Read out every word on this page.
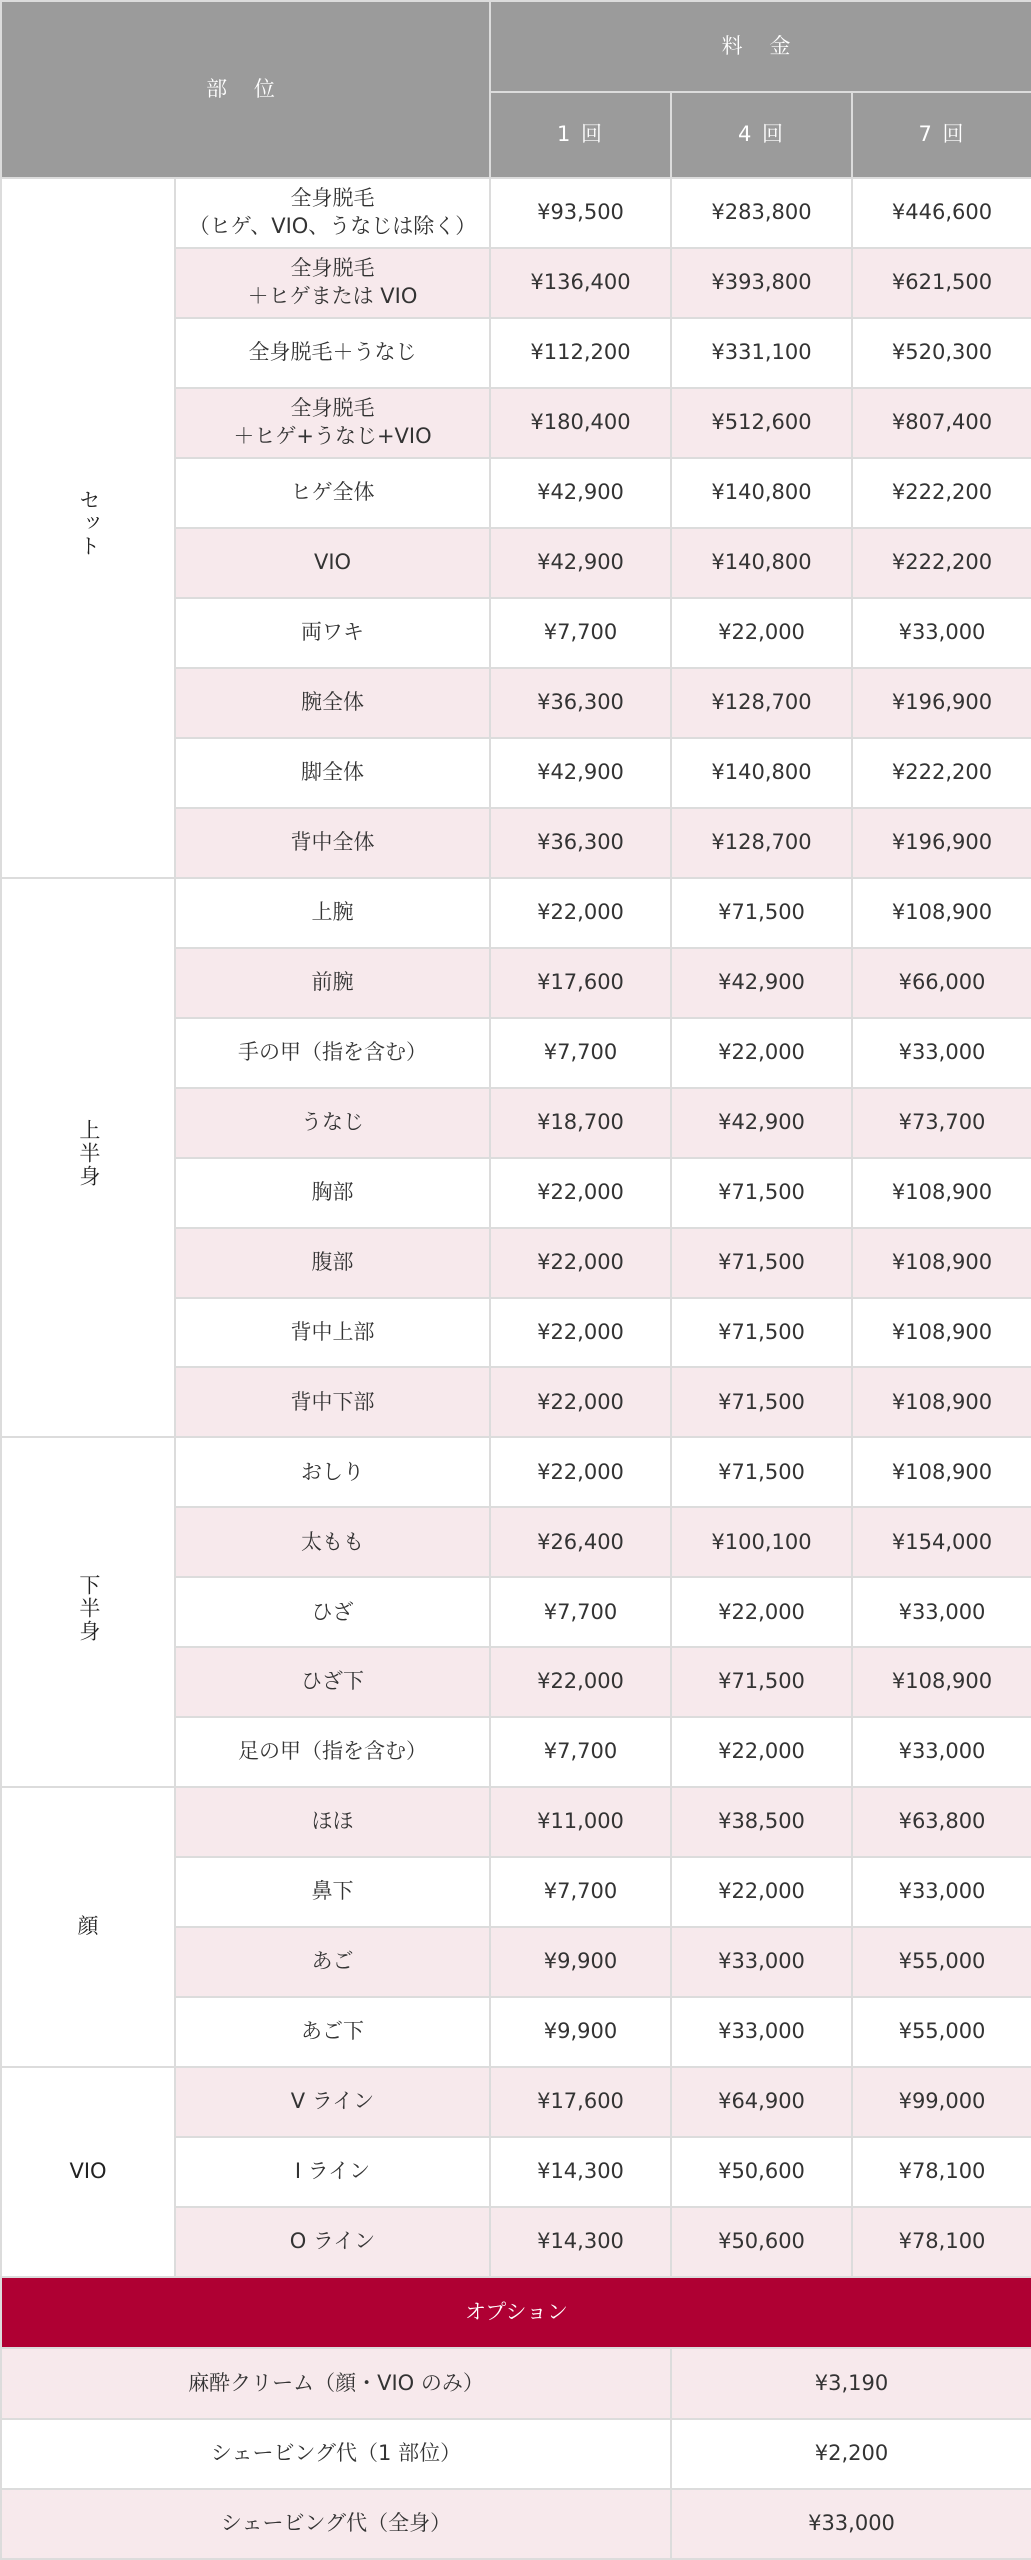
部 位		料 金		
		1 回	4 回	7 回
セット	全身脱毛
（ヒゲ、VIO、うなじは除く）	¥93,500	¥283,800	¥446,600

	全身脱毛
＋ヒゲまたは VIO	¥136,400	¥393,800	¥621,500

	全身脱毛＋うなじ	¥112,200	¥331,100	¥520,300

	全身脱毛
＋ヒゲ+うなじ+VIO	¥180,400	¥512,600	¥807,400

	ヒゲ全体	¥42,900	¥140,800	¥222,200

	VIO	¥42,900	¥140,800	¥222,200

	両ワキ	¥7,700	¥22,000	¥33,000

	腕全体	¥36,300	¥128,700	¥196,900

	脚全体	¥42,900	¥140,800	¥222,200

	背中全体	¥36,300	¥128,700	¥196,900
上半身	上腕	¥22,000	¥71,500	¥108,900

	前腕	¥17,600	¥42,900	¥66,000

	手の甲（指を含む）	¥7,700	¥22,000	¥33,000

	うなじ	¥18,700	¥42,900	¥73,700

	胸部	¥22,000	¥71,500	¥108,900

	腹部	¥22,000	¥71,500	¥108,900

	背中上部	¥22,000	¥71,500	¥108,900

	背中下部	¥22,000	¥71,500	¥108,900
下半身	おしり	¥22,000	¥71,500	¥108,900

	太もも	¥26,400	¥100,100	¥154,000

	ひざ	¥7,700	¥22,000	¥33,000

	ひざ下	¥22,000	¥71,500	¥108,900

	足の甲（指を含む）	¥7,700	¥22,000	¥33,000
顔	ほほ	¥11,000	¥38,500	¥63,800

	鼻下	¥7,700	¥22,000	¥33,000

	あご	¥9,900	¥33,000	¥55,000

	あご下	¥9,900	¥33,000	¥55,000
VIO	V ライン	¥17,600	¥64,900	¥99,000

	I ライン	¥14,300	¥50,600	¥78,100

	O ライン	¥14,300	¥50,600	¥78,100
オプション				
麻酔クリーム（顔・VIO のみ）			¥3,190	
シェービング代（1 部位）			¥2,200	
シェービング代（全身）			¥33,000	
